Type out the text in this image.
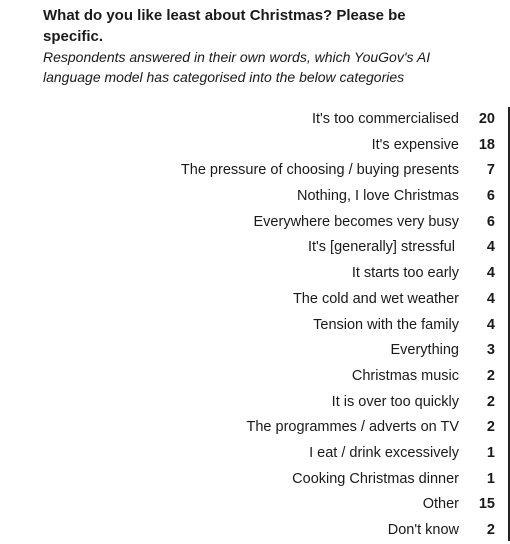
What do you like least about Christmas? Please be specific.
Respondents answered in their own words, which YouGov's AI language model has categorised into the below categories
It's too commercialised 20
It's expensive 18
The pressure of choosing / buying presents 7
Nothing, I love Christmas 6
Everywhere becomes very busy 6
It's [generally] stressful 4
It starts too early 4
The cold and wet weather 4
Tension with the family 4
Everything 3
Christmas music 2
It is over too quickly 2
The programmes / adverts on TV 2
I eat / drink excessively 1
Cooking Christmas dinner 1
Other 15
Don't know 2
